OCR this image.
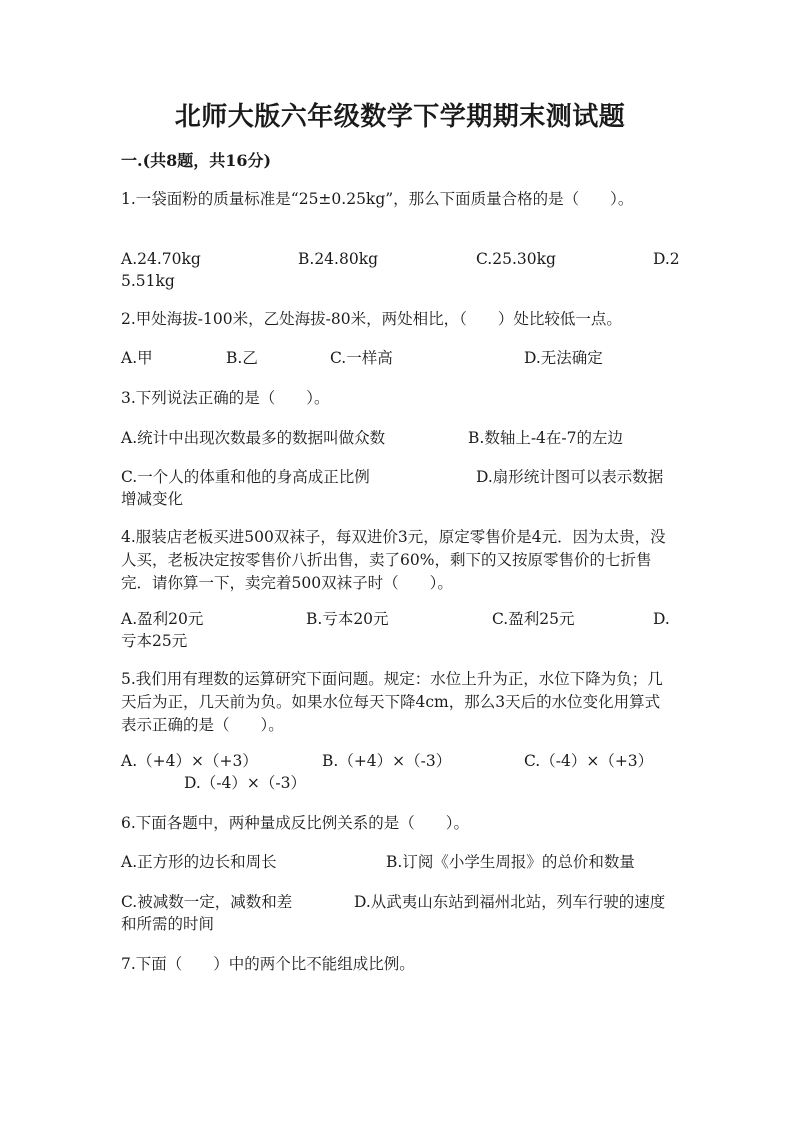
北师大版六年级数学下学期期末测试题
一.(共8题，共16分)
1.一袋面粉的质量标准是“25±0.25kg”，那么下面质量合格的是（　　）。
A.24.70kg	B.24.80kg	C.25.30kg	D.2
5.51kg
2.甲处海拔-100米，乙处海拔-80米，两处相比，（　　）处比较低一点。
A.甲	B.乙	C.一样高	D.无法确定
3.下列说法正确的是（　　）。
A.统计中出现次数最多的数据叫做众数	B.数轴上-4在-7的左边
C.一个人的体重和他的身高成正比例	D.扇形统计图可以表示数据
增减变化
4.服装店老板买进500双袜子，每双进价3元，原定零售价是4元．因为太贵，没人买，老板决定按零售价八折出售，卖了60%，剩下的又按原零售价的七折售完．请你算一下，卖完着500双袜子时（　　）。
A.盈利20元	B.亏本20元	C.盈利25元	D.
亏本25元
5.我们用有理数的运算研究下面问题。规定：水位上升为正，水位下降为负；几天后为正，几天前为负。如果水位每天下降4cm，那么3天后的水位变化用算式表示正确的是（　　）。
A.（+4）×（+3）	B.（+4）×（-3）	C.（-4）×（+3）
D.（-4）×（-3）
6.下面各题中，两种量成反比例关系的是（　　）。
A.正方形的边长和周长	B.订阅《小学生周报》的总价和数量
C.被减数一定，减数和差	D.从武夷山东站到福州北站，列车行驶的速度
和所需的时间
7.下面（　　）中的两个比不能组成比例。
